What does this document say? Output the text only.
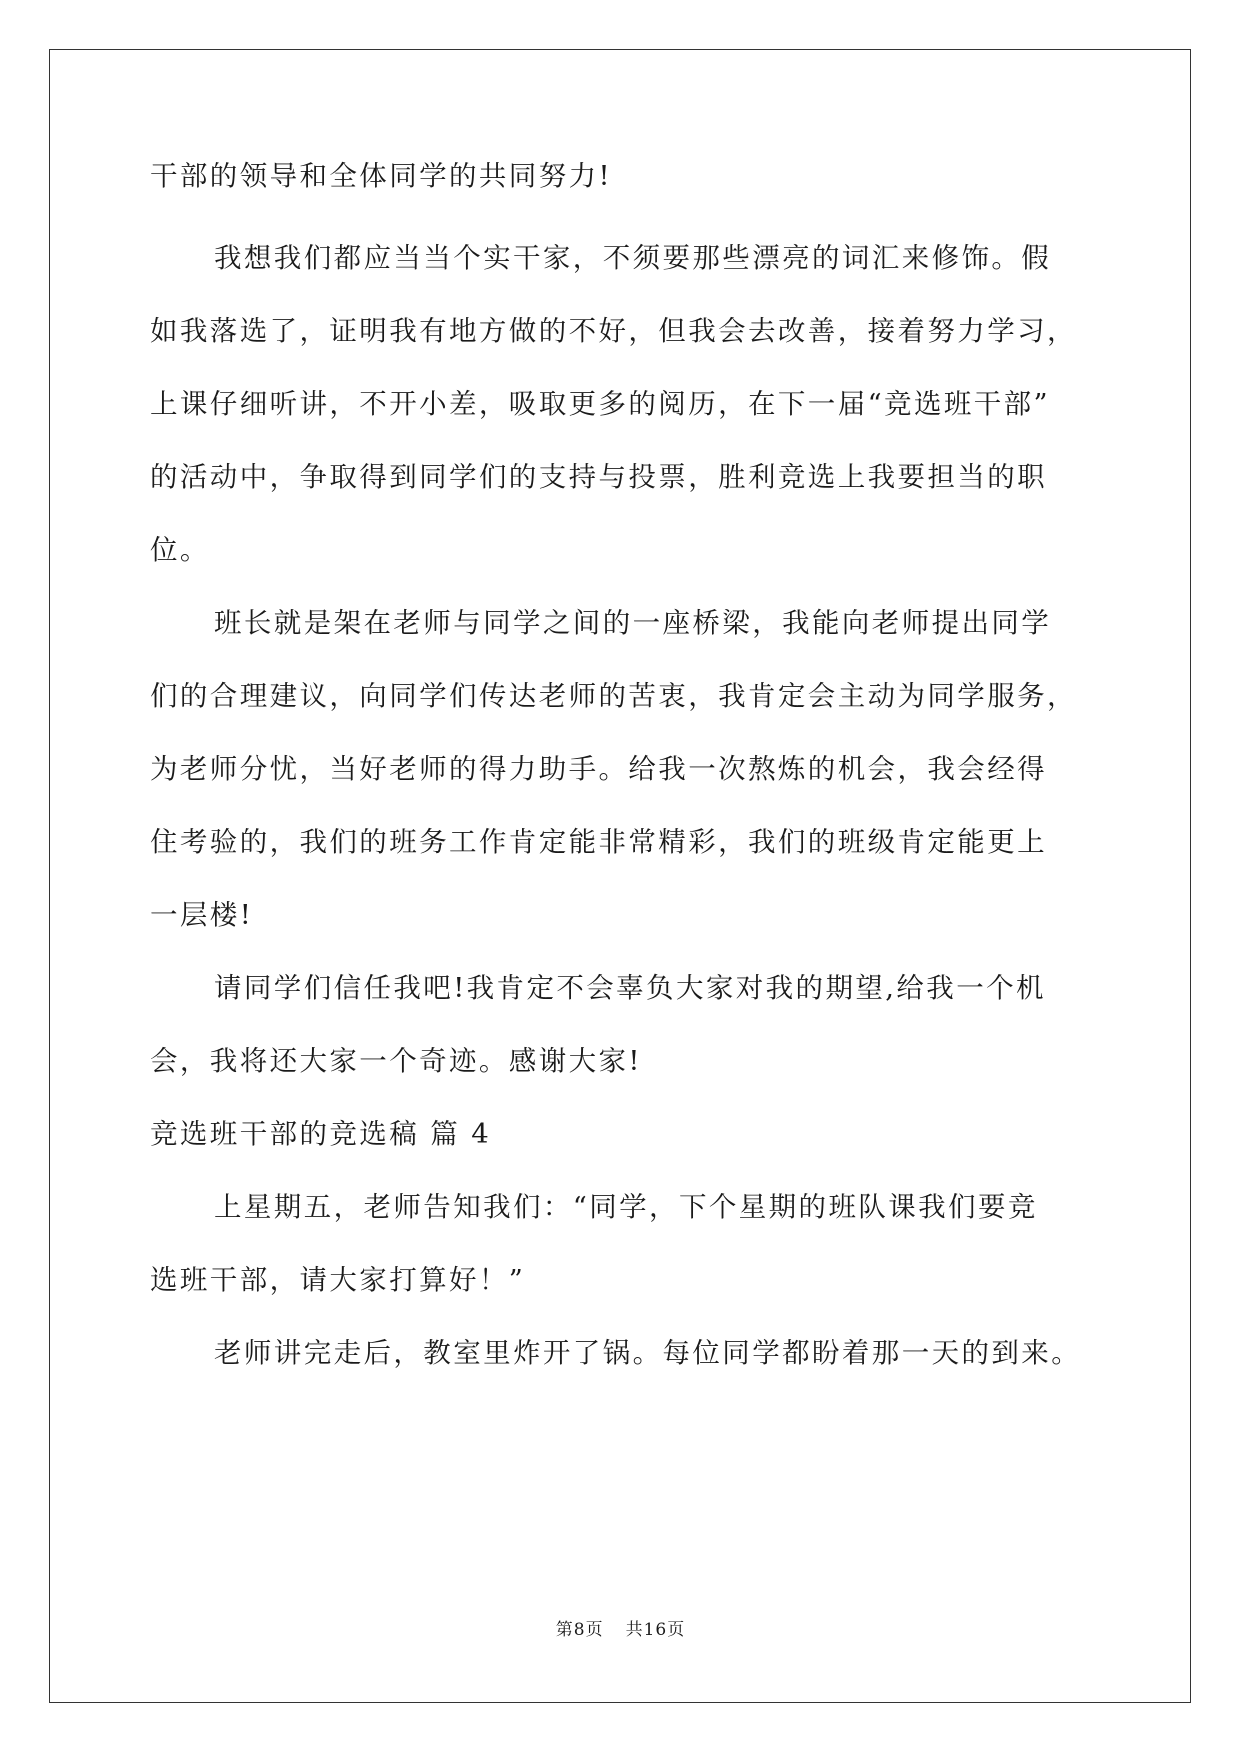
干部的领导和全体同学的共同努力!
我想我们都应当当个实干家，不须要那些漂亮的词汇来修饰。假
如我落选了，证明我有地方做的不好，但我会去改善，接着努力学习，
上课仔细听讲，不开小差，吸取更多的阅历，在下一届“竞选班干部”
的活动中，争取得到同学们的支持与投票，胜利竞选上我要担当的职
位。
班长就是架在老师与同学之间的一座桥梁，我能向老师提出同学
们的合理建议，向同学们传达老师的苦衷，我肯定会主动为同学服务，
为老师分忧，当好老师的得力助手。给我一次熬炼的机会，我会经得
住考验的，我们的班务工作肯定能非常精彩，我们的班级肯定能更上
一层楼!
请同学们信任我吧!我肯定不会辜负大家对我的期望,给我一个机
会，我将还大家一个奇迹。感谢大家!
竞选班干部的竞选稿 篇 4
上星期五，老师告知我们：“同学，下个星期的班队课我们要竞
选班干部，请大家打算好！”
老师讲完走后，教室里炸开了锅。每位同学都盼着那一天的到来。
第8页 共16页
